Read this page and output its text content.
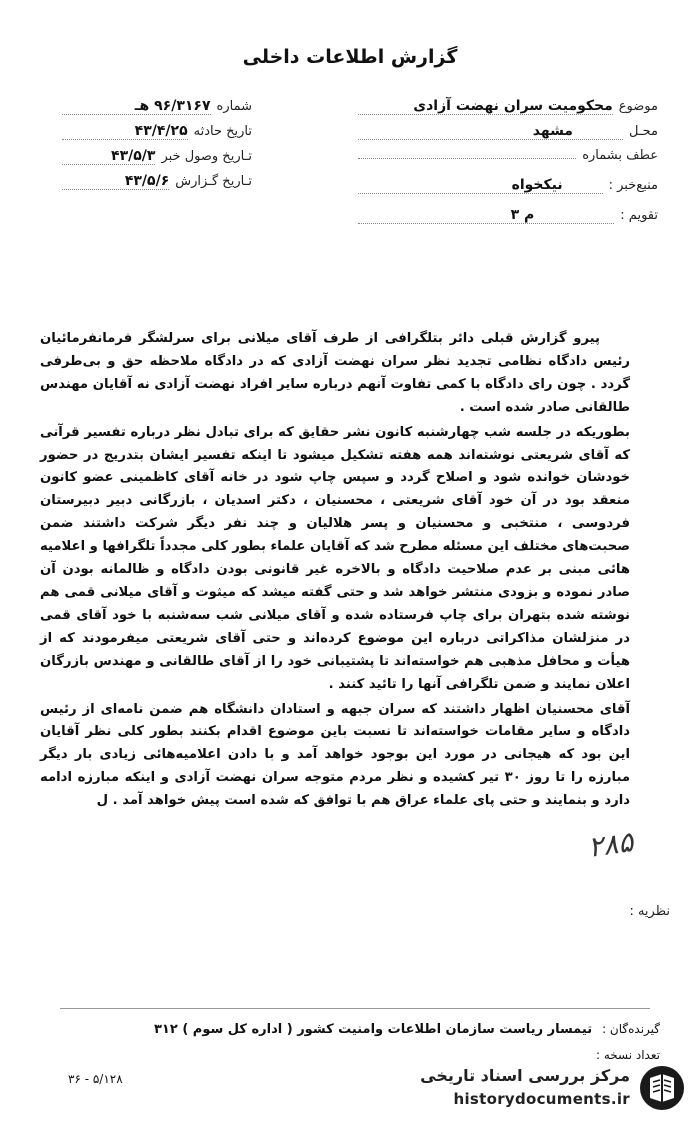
گزارش اطلاعات داخلی
موضوع
محکومیت سران نهضت آزادی
محـل
مشهد
عطف بشماره
منبع‌خبر :
نیکخواه
تقویم :
م ۳
شماره
۹۶/۳۱۶۷ هـ
تاریخ حادثه
۴۳/۴/۲۵
تـاریخ وصول خبر
۴۳/۵/۳
تـاریخ گـزارش
۴۳/۵/۶

پیرو گزارش قبلی دائر بتلگرافی از طرف آقای میلانی برای سرلشگر فرمانفرمائیان رئیس دادگاه نظامی تجدید نظر سران نهضت آزادی که در دادگاه ملاحظه حق و بی‌طرفی گردد . چون رای دادگاه با کمی تفاوت آنهم درباره سایر افراد نهضت آزادی نه آقایان مهندس طالقانی صادر شده است .

بطوریکه در جلسه شب چهارشنبه کانون نشر حقایق که برای تبادل نظر درباره تفسیر قرآنی که آقای شریعتی نوشته‌اند همه هفته تشکیل میشود تا اینکه تفسیر ایشان بتدریج در حضور خودشان خوانده شود و اصلاح گردد و سپس چاپ شود در خانه آقای کاظمینی عضو کانون منعقد بود در آن خود آقای شریعتی ، محسنیان ، دکتر اسدیان ، بازرگانی دبیر دبیرستان فردوسی ، منتخبی و محسنیان و پسر هلالیان و چند نفر دیگر شرکت داشتند ضمن صحبت‌های مختلف این مسئله مطرح شد که آقایان علماء بطور کلی مجدداً تلگرافها و اعلامیه هائی مبنی بر عدم صلاحیت دادگاه و بالاخره غیر قانونی بودن دادگاه و ظالمانه بودن آن صادر نموده و بزودی منتشر خواهد شد و حتی گفته میشد که میثوت و آقای میلانی قمی هم نوشته شده بتهران برای چاپ فرستاده شده و آقای میلانی شب سه‌شنبه با خود آقای قمی در منزلشان مذاکراتی درباره این موضوع کرده‌اند و حتی آقای شریعتی میفرمودند که از هیأت و محافل مذهبی هم خواسته‌اند تا پشتیبانی خود را از آقای طالقانی و مهندس بازرگان اعلان نمایند و ضمن تلگرافی آنها را تائید کنند .

آقای محسنیان اظهار داشتند که سران جبهه و استادان دانشگاه هم ضمن نامه‌ای از رئیس دادگاه و سایر مقامات خواسته‌اند تا نسبت باین موضوع اقدام بکنند بطور کلی نظر آقایان این بود که هیجانی در مورد این بوجود خواهد آمد و با دادن اعلامیه‌هائی زیادی بار دیگر مبارزه را تا روز ۳۰ تیر کشیده و نظر مردم متوجه سران نهضت آزادی و اینکه مبارزه ادامه دارد و بنمایند و حتی پای علماء عراق هم با توافق که شده است پیش خواهد آمد . ل

نظریه :
۲۸۵
گیرنده‌گان :
تیمسار ریاست سازمان اطلاعات وامنیت کشور ( اداره کل سوم ) ۳۱۲
تعداد نسخه :
۳۶ - ۵/۱۲۸	مرکز بررسی اسناد تاریخی
historydocuments.ir
